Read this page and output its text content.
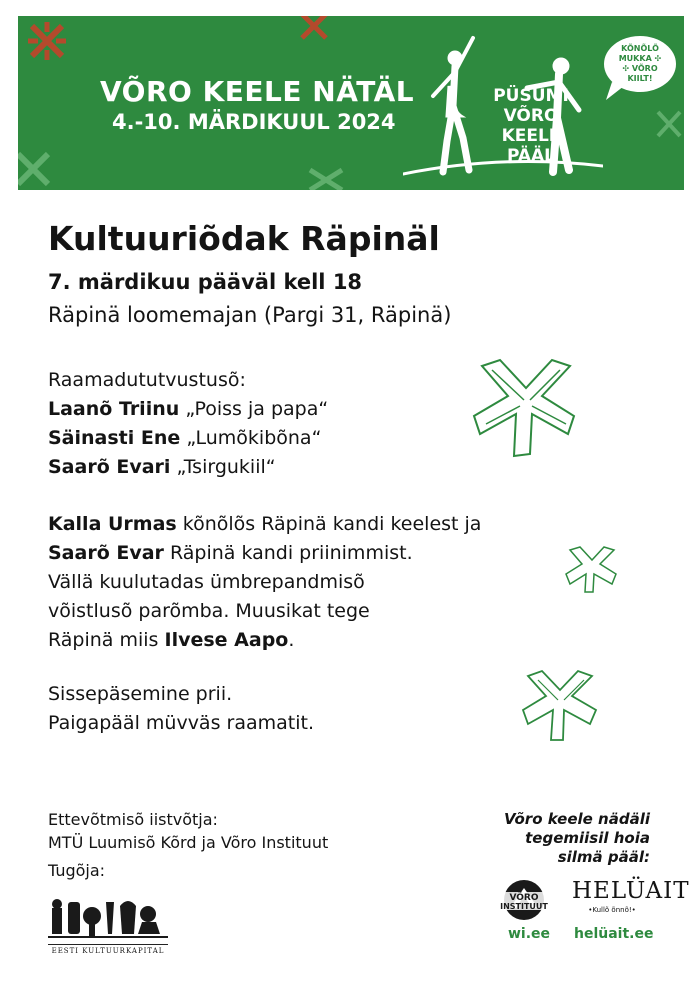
VÕRO KEELE NÄTÄL

4.-10. MÄRDIKUUL 2024

PÜSÜMI
VÕRO
KEELE
PÄÄL
KÕNÕLÕ
MUKKA ✣
✣ VÕRO
KIILT!
Kultuuriõdak Räpinäl

7. märdikuu pääväl kell 18

Räpinä loomemajan (Pargi 31, Räpinä)

Raamadututvustusõ:

Laanõ Triinu „Poiss ja papa“

Säinasti Ene „Lumõkibõna“

Saarõ Evari „Tsirgukiil“

Kalla Urmas kõnõlõs Räpinä kandi keelest ja

Saarõ Evar Räpinä kandi priinimmist.

Vällä kuulutadas ümbrepandmisõ

võistlusõ parõmba. Muusikat tege

Räpinä miis Ilvese Aapo.

Sissepäsemine prii.

Paigapääl müvväs raamatit.

Ettevõtmisõ iistvõtja:

MTÜ Luumisõ Kõrd ja Võro Instituut

Tugõja:

EESTI KULTUURKAPITAL

Võro keele nädäli

tegemiisil hoia

silmä pääl:

VÕRO
INSTITUUT
HELÜAIT
•Kullõ õnnõ!•
wi.ee helüait.ee
